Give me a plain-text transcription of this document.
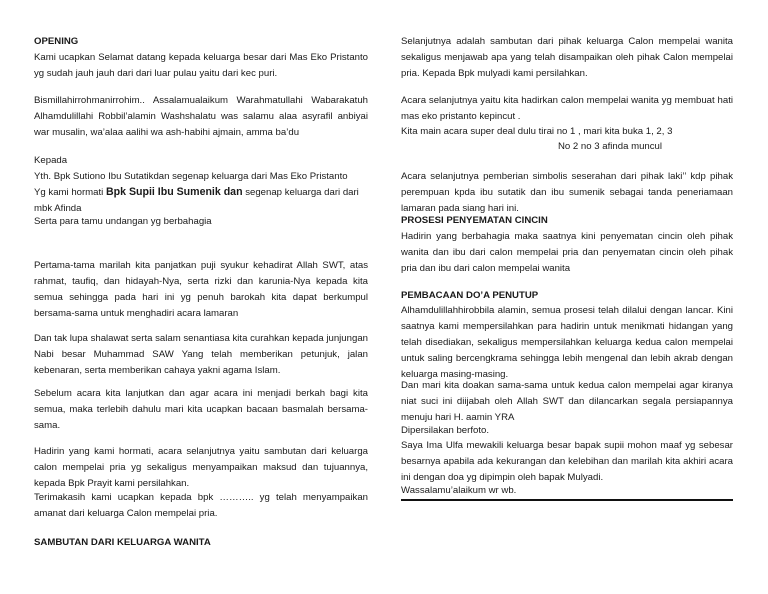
OPENING

Kami ucapkan Selamat datang kepada keluarga besar dari Mas Eko Pristanto yg sudah jauh jauh dari dari luar pulau yaitu dari kec puri.

Bismillahirrohmanirrohim.. Assalamualaikum Warahmatullahi Wabarakatuh Alhamdulillahi Robbil’alamin Washshalatu was salamu alaa asyrafil anbiyai war musalin, wa’alaa aalihi wa ash-habihi ajmain, amma ba’du

Kepada

Yth. Bpk Sutiono Ibu Sutatikdan segenap keluarga dari Mas Eko Pristanto

Yg kami hormati Bpk Supii Ibu Sumenik dan segenap keluarga dari dari mbk Afinda

Serta para tamu undangan yg berbahagia

Pertama-tama marilah kita panjatkan puji syukur kehadirat Allah SWT, atas rahmat, taufiq, dan hidayah-Nya, serta rizki dan karunia-Nya kepada kita semua sehingga pada hari ini yg penuh barokah kita dapat berkumpul bersama-sama untuk menghadiri acara lamaran

Dan tak lupa shalawat serta salam senantiasa kita curahkan kepada junjungan Nabi besar Muhammad SAW Yang telah memberikan petunjuk, jalan kebenaran, serta memberikan cahaya yakni agama Islam.

Sebelum acara kita lanjutkan dan agar acara ini menjadi berkah bagi kita semua, maka terlebih dahulu mari kita ucapkan bacaan basmalah bersama-sama.

Hadirin yang kami hormati, acara selanjutnya yaitu sambutan dari keluarga calon mempelai pria yg sekaligus menyampaikan maksud dan tujuannya, kepada Bpk Prayit kami persilahkan.

Terimakasih kami ucapkan kepada bpk ……….. yg telah menyampaikan amanat dari keluarga Calon mempelai pria.

SAMBUTAN DARI KELUARGA WANITA

Selanjutnya adalah sambutan dari pihak keluarga Calon mempelai wanita sekaligus menjawab apa yang telah disampaikan oleh pihak Calon mempelai pria. Kepada Bpk mulyadi kami persilahkan.

Acara selanjutnya yaitu kita hadirkan calon mempelai wanita yg membuat hati mas eko pristanto kepincut .

Kita main acara super deal dulu tirai no 1 , mari kita buka 1, 2, 3

No 2 no 3 afinda muncul

Acara selanjutnya pemberian simbolis seserahan dari pihak laki’’ kdp pihak perempuan kpda ibu sutatik dan ibu sumenik sebagai tanda peneriamaan lamaran pada siang hari ini.

PROSESI PENYEMATAN CINCIN

Hadirin yang berbahagia maka saatnya kini penyematan cincin oleh pihak wanita dan ibu dari calon mempelai pria dan penyematan cincin oleh pihak pria dan ibu dari calon mempelai wanita

PEMBACAAN DO’A PENUTUP

Alhamdulillahhirobbila alamin, semua prosesi telah dilalui dengan lancar. Kini saatnya kami mempersilahkan para hadirin untuk menikmati hidangan yang telah disediakan, sekaligus mempersilahkan keluarga kedua calon mempelai untuk saling bercengkrama sehingga lebih mengenal dan lebih akrab dengan keluarga masing-masing.

Dan mari kita doakan sama-sama untuk kedua calon mempelai agar kiranya niat suci ini diijabah oleh Allah SWT dan dilancarkan segala persiapannya menuju hari H. aamin YRA

Dipersilakan berfoto.

Saya Ima Ulfa mewakili keluarga besar bapak supii mohon maaf yg sebesar besarnya apabila ada kekurangan dan kelebihan dan marilah kita akhiri acara ini dengan doa yg dipimpin oleh bapak Mulyadi.

Wassalamu’alaikum wr wb.
